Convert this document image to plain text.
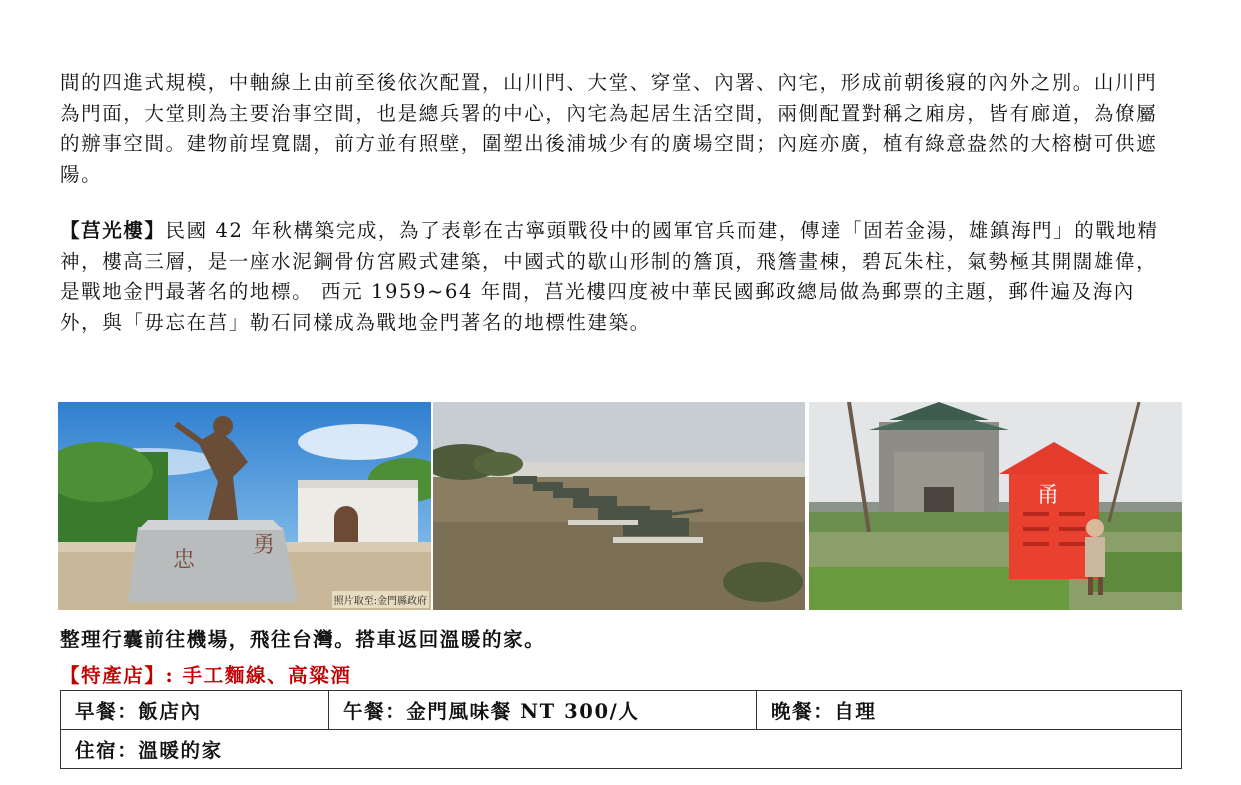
間的四進式規模，中軸線上由前至後依次配置，山川門、大堂、穿堂、內署、內宅，形成前朝後寢的內外之別。山川門為門面，大堂則為主要治事空間，也是總兵署的中心，內宅為起居生活空間，兩側配置對稱之廂房，皆有廊道，為僚屬的辦事空間。建物前埕寬闊，前方並有照壁，圍塑出後浦城少有的廣場空間；內庭亦廣，植有綠意盎然的大榕樹可供遮陽。
【莒光樓】民國 42 年秋構築完成，為了表彰在古寧頭戰役中的國軍官兵而建，傳達「固若金湯，雄鎮海門」的戰地精神，樓高三層，是一座水泥鋼骨仿宮殿式建築，中國式的歇山形制的簷頂，飛簷畫棟，碧瓦朱柱，氣勢極其開闊雄偉，是戰地金門最著名的地標。 西元 1959~64 年間，莒光樓四度被中華民國郵政總局做為郵票的主題，郵件遍及海內外，與「毋忘在莒」勒石同樣成為戰地金門著名的地標性建築。
忠
勇
照片取至:金門縣政府
甬
整理行囊前往機場，飛往台灣。搭車返回溫暖的家。
【特產店】: 手工麵線、高粱酒
早餐：飯店內	午餐：金門風味餐 NT 300/人	晚餐：自理
住宿：溫暖的家
